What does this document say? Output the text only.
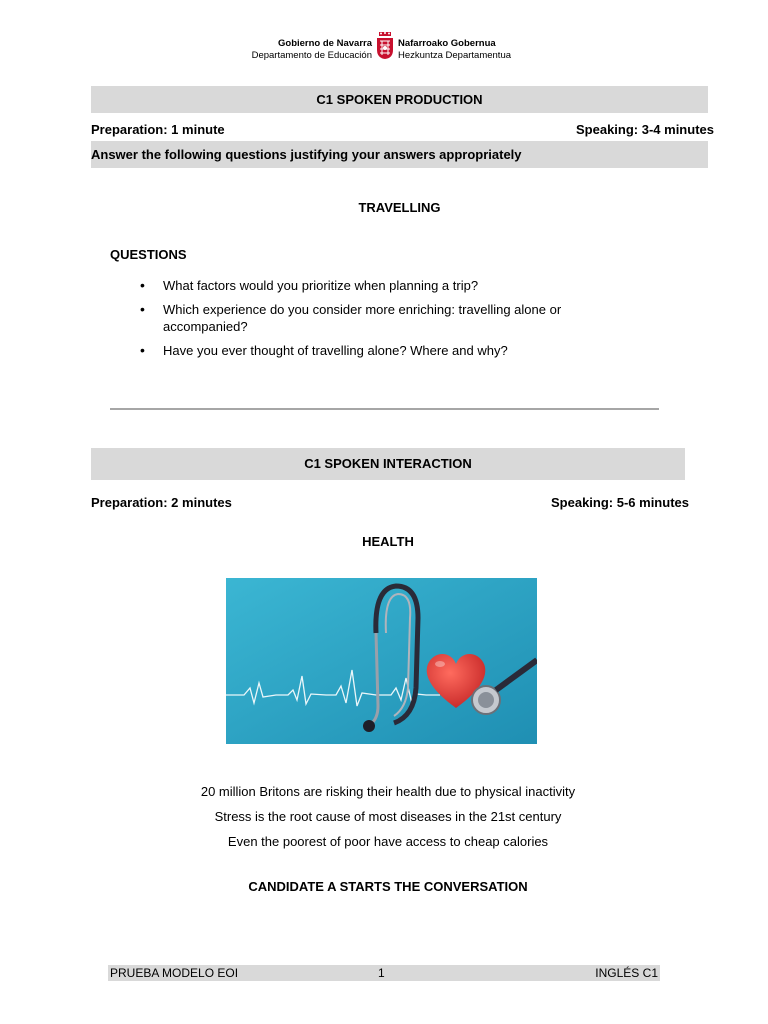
Gobierno de Navarra
Departamento de Educación
Nafarroako Gobernua
Hezkuntza Departamentua
C1 SPOKEN PRODUCTION
Preparation: 1 minute	Speaking: 3-4 minutes
Answer the following questions justifying your answers appropriately
TRAVELLING
QUESTIONS
• What factors would you prioritize when planning a trip?
• Which experience do you consider more enriching: travelling alone or accompanied?
• Have you ever thought of travelling alone? Where and why?
C1 SPOKEN INTERACTION
Preparation: 2 minutes	Speaking: 5-6 minutes
HEALTH
20 million Britons are risking their health due to physical inactivity
Stress is the root cause of most diseases in the 21st century
Even the poorest of poor have access to cheap calories
CANDIDATE A STARTS THE CONVERSATION
PRUEBA MODELO EOI	1	INGLÉS C1
